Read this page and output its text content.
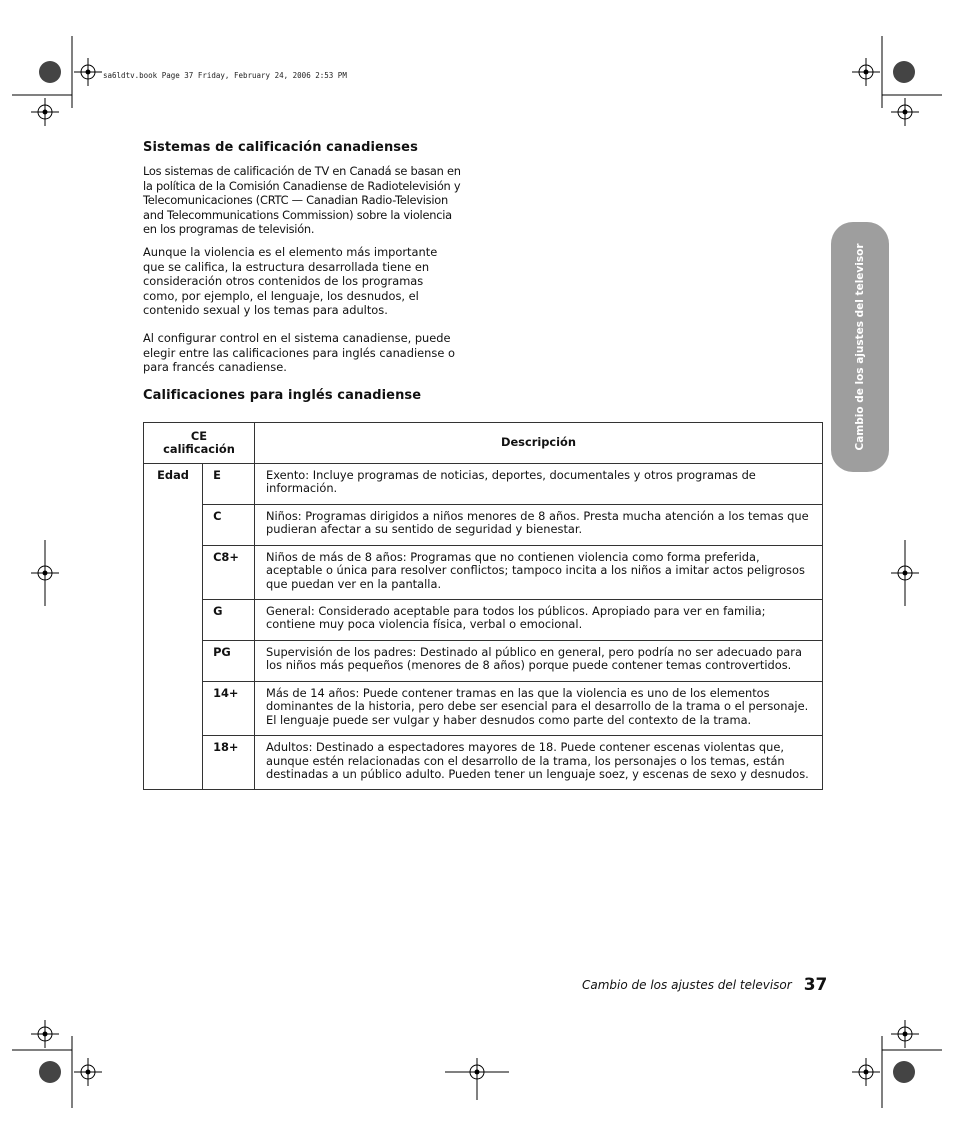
sa6ldtv.book Page 37 Friday, February 24, 2006 2:53 PM
Cambio de los ajustes del televisor
Sistemas de calificación canadienses

Los sistemas de calificación de TV en Canadá se basan en la política de la Comisión Canadiense de Radiotelevisión y Telecomunicaciones (CRTC — Canadian Radio-Television and Telecommunications Commission) sobre la violencia en los programas de televisión.

Aunque la violencia es el elemento más importante que se califica, la estructura desarrollada tiene en consideración otros contenidos de los programas como, por ejemplo, el lenguaje, los desnudos, el contenido sexual y los temas para adultos.

Al configurar control en el sistema canadiense, puede elegir entre las calificaciones para inglés canadiense o para francés canadiense.

Calificaciones para inglés canadiense
CE
calificación		Descripción
Edad	E	Exento: Incluye programas de noticias, deportes, documentales y otros programas de información.
	C	Niños: Programas dirigidos a niños menores de 8 años. Presta mucha atención a los temas que pudieran afectar a su sentido de seguridad y bienestar.
	C8+	Niños de más de 8 años: Programas que no contienen violencia como forma preferida, aceptable o única para resolver conflictos; tampoco incita a los niños a imitar actos peligrosos que puedan ver en la pantalla.
	G	General: Considerado aceptable para todos los públicos. Apropiado para ver en familia; contiene muy poca violencia física, verbal o emocional.
	PG	Supervisión de los padres: Destinado al público en general, pero podría no ser adecuado para los niños más pequeños (menores de 8 años) porque puede contener temas controvertidos.
	14+	Más de 14 años: Puede contener tramas en las que la violencia es uno de los elementos dominantes de la historia, pero debe ser esencial para el desarrollo de la trama o el personaje. El lenguaje puede ser vulgar y haber desnudos como parte del contexto de la trama.
	18+	Adultos: Destinado a espectadores mayores de 18. Puede contener escenas violentas que, aunque estén relacionadas con el desarrollo de la trama, los personajes o los temas, están destinadas a un público adulto. Pueden tener un lenguaje soez, y escenas de sexo y desnudos.
Cambio de los ajustes del televisor 37
